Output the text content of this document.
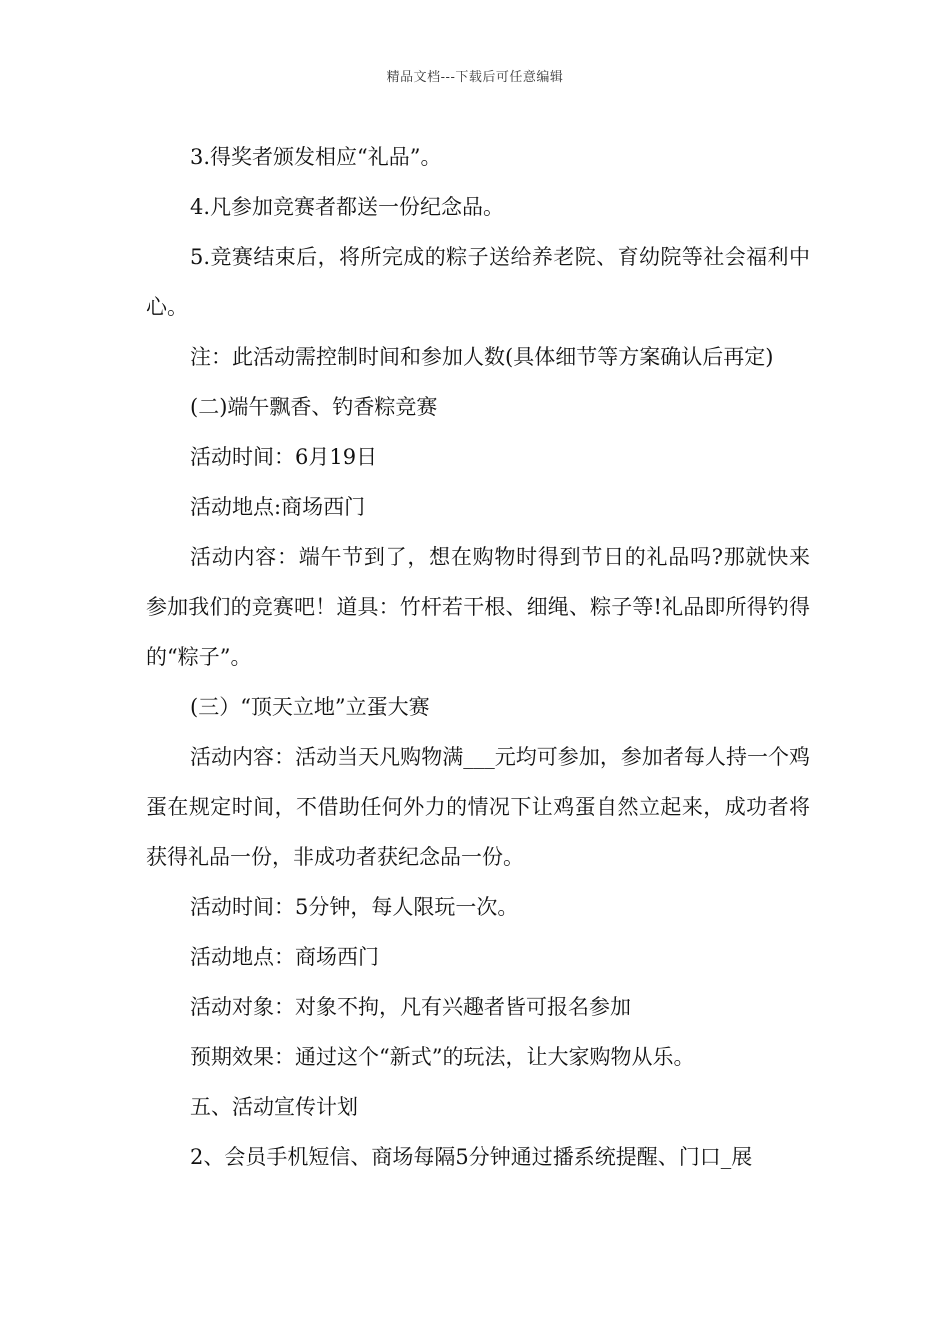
精品文档---下载后可任意编辑

3.得奖者颁发相应“礼品”。

4.凡参加竞赛者都送一份纪念品。

5.竞赛结束后，将所完成的粽子送给养老院、育幼院等社会福利中心。

注：此活动需控制时间和参加人数(具体细节等方案确认后再定)

(二)端午飘香、钓香粽竞赛

活动时间：6月19日

活动地点:商场西门

活动内容：端午节到了，想在购物时得到节日的礼品吗?那就快来参加我们的竞赛吧！道具：竹杆若干根、细绳、粽子等!礼品即所得钓得的“粽子”。

(三）“顶天立地”立蛋大赛

活动内容：活动当天凡购物满___元均可参加，参加者每人持一个鸡蛋在规定时间，不借助任何外力的情况下让鸡蛋自然立起来，成功者将获得礼品一份，非成功者获纪念品一份。

活动时间：5分钟，每人限玩一次。

活动地点：商场西门

活动对象：对象不拘，凡有兴趣者皆可报名参加

预期效果：通过这个“新式”的玩法，让大家购物从乐。

五、活动宣传计划

2、会员手机短信、商场每隔5分钟通过播系统提醒、门口_展
